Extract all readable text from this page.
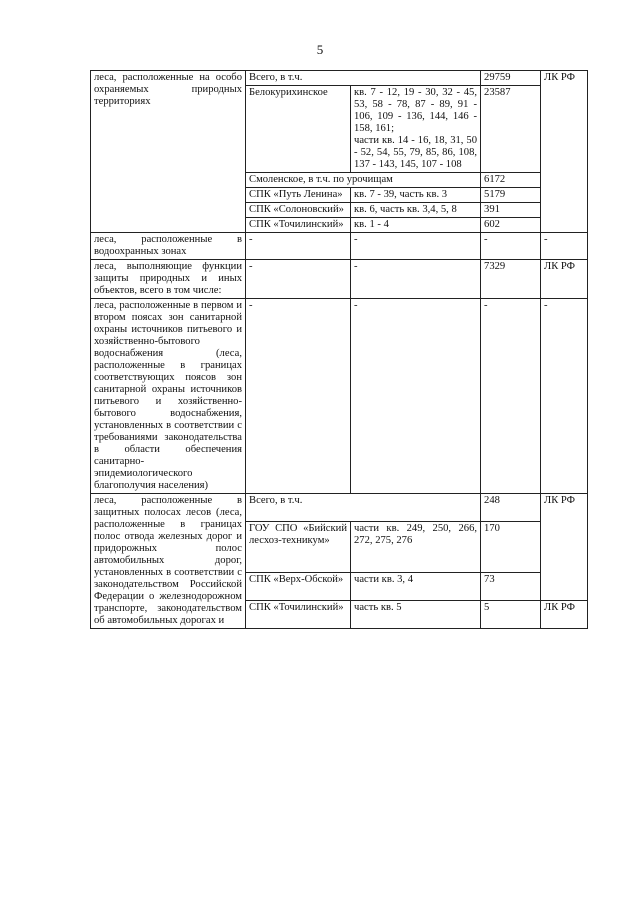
5
леса, расположенные на особо охраняемых природных территориях	Всего, в т.ч.		29759	ЛК РФ
	Белокурихинское	кв. 7 - 12, 19 - 30, 32 - 45, 53, 58 - 78, 87 - 89, 91 - 106, 109 - 136, 144, 146 - 158, 161;
части кв. 14 - 16, 18, 31, 50 - 52, 54, 55, 79, 85, 86, 108, 137 - 143, 145, 107 - 108	23587	
	Смоленское, в т.ч. по урочищам		6172	
	СПК «Путь Ленина»	кв. 7 - 39, часть кв. 3	5179	
	СПК «Солоновский»	кв. 6, часть кв. 3,4, 5, 8	391	
	СПК «Точилинский»	кв. 1 - 4	602	
леса, расположенные в водоохранных зонах	-	-	-	-
леса, выполняющие функции защиты природных и иных объектов, всего в том числе:	-	-	7329	ЛК РФ
леса, расположенные в первом и втором поясах зон санитарной охраны источников питьевого и хозяйственно-бытового водоснабжения (леса, расположенные в границах соответствующих поясов зон санитарной охраны источников питьевого и хозяйственно-бытового водоснабжения, установленных в соответствии с требованиями законодательства в области обеспечения санитарно-эпидемиологического благополучия населения)	-	-	-	-
леса, расположенные в защитных полосах лесов (леса, расположенные в границах полос отвода железных дорог и придорожных полос автомобильных дорог, установленных в соответствии с законодательством Российской Федерации о железнодорожном транспорте, законодательством об автомобильных дорогах и	Всего, в т.ч.		248	ЛК РФ
	ГОУ СПО «Бийский лесхоз-техникум»	части кв. 249, 250, 266, 272, 275, 276	170	
	СПК «Верх-Обской»	части кв. 3, 4	73	
	СПК «Точилинский»	часть кв. 5	5	ЛК РФ
